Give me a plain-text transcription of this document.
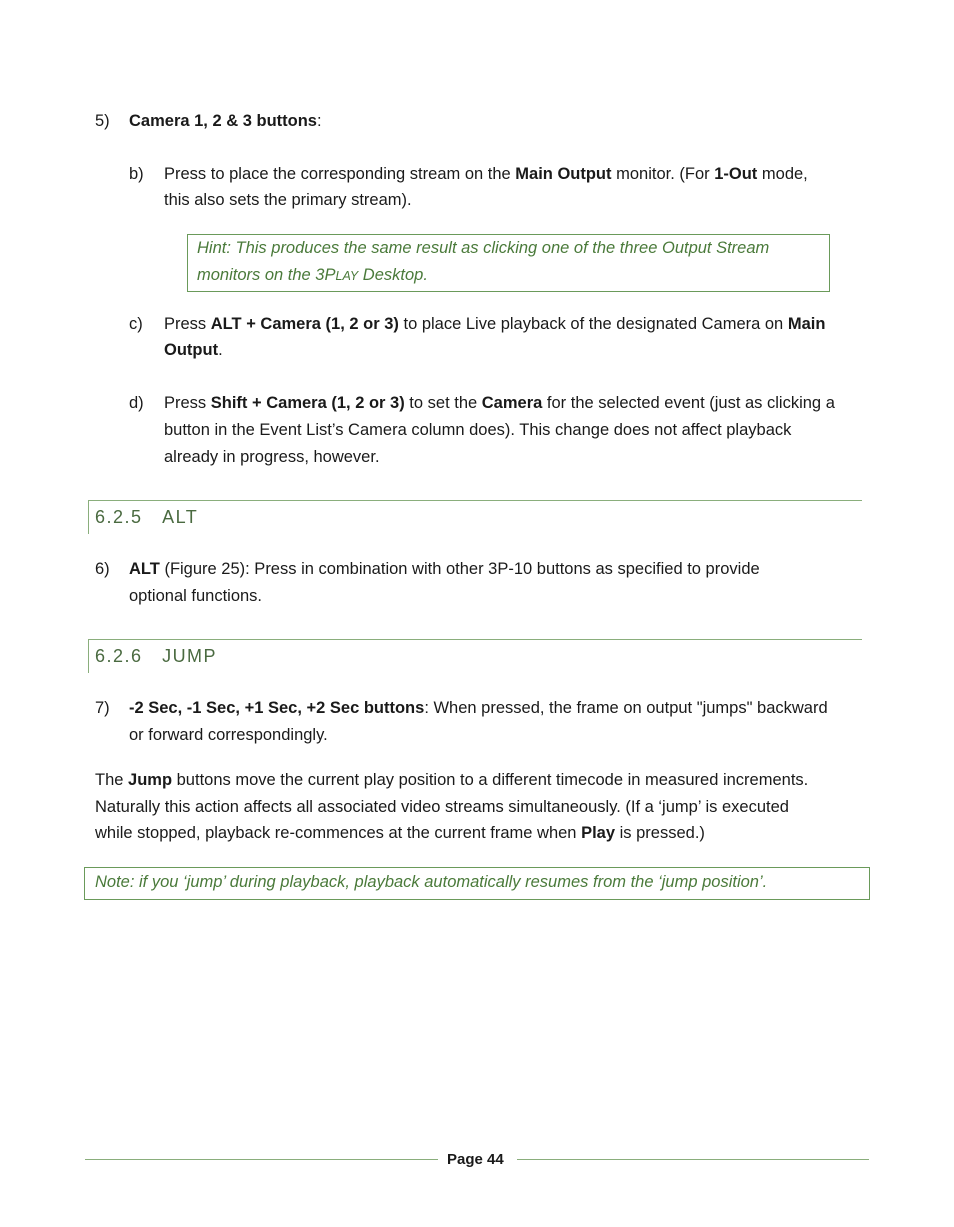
5) Camera 1, 2 & 3 buttons:
b) Press to place the corresponding stream on the Main Output monitor. (For 1-Out mode,
this also sets the primary stream).
Hint: This produces the same result as clicking one of the three Output Stream
monitors on the 3PLAY Desktop.
c) Press ALT + Camera (1, 2 or 3) to place Live playback of the designated Camera on Main
Output.
d) Press Shift + Camera (1, 2 or 3) to set the Camera for the selected event (just as clicking a
button in the Event List’s Camera column does). This change does not affect playback
already in progress, however.
6.2.5 ALT
6) ALT (Figure 25): Press in combination with other 3P-10 buttons as specified to provide
optional functions.
6.2.6 JUMP
7) -2 Sec, -1 Sec, +1 Sec, +2 Sec buttons: When pressed, the frame on output "jumps" backward
or forward correspondingly.
The Jump buttons move the current play position to a different timecode in measured increments.
Naturally this action affects all associated video streams simultaneously. (If a ‘jump’ is executed
while stopped, playback re-commences at the current frame when Play is pressed.)
Note: if you ‘jump’ during playback, playback automatically resumes from the ‘jump position’.
Page 44
